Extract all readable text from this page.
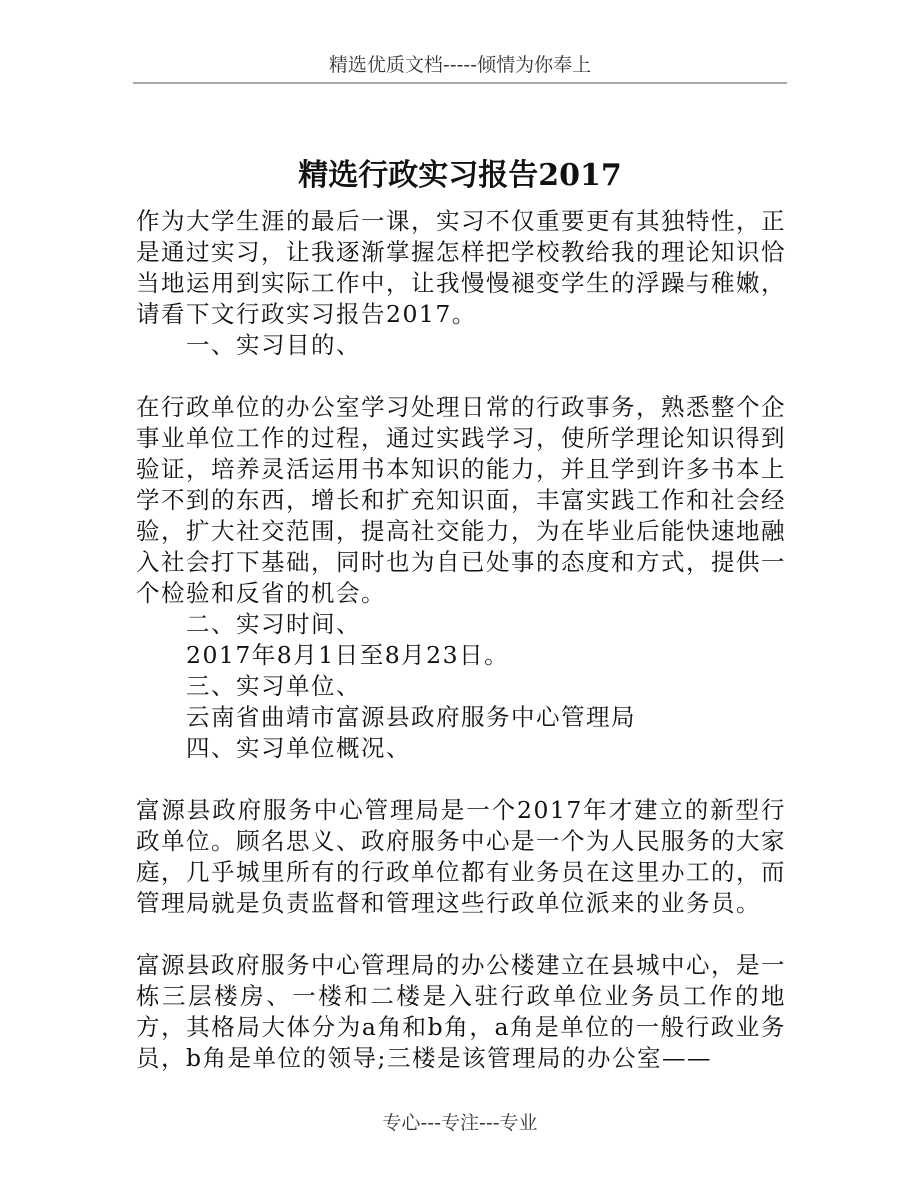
精选优质文档-----倾情为你奉上
精选行政实习报告2017

作为大学生涯的最后一课，实习不仅重要更有其独特性，正是通过实习，让我逐渐掌握怎样把学校教给我的理论知识恰当地运用到实际工作中，让我慢慢褪变学生的浮躁与稚嫩，请看下文行政实习报告2017。

一、实习目的、

在行政单位的办公室学习处理日常的行政事务，熟悉整个企事业单位工作的过程，通过实践学习，使所学理论知识得到验证，培养灵活运用书本知识的能力，并且学到许多书本上学不到的东西，增长和扩充知识面，丰富实践工作和社会经验，扩大社交范围，提高社交能力，为在毕业后能快速地融入社会打下基础，同时也为自已处事的态度和方式，提供一个检验和反省的机会。

二、实习时间、

2017年8月1日至8月23日。

三、实习单位、

云南省曲靖市富源县政府服务中心管理局

四、实习单位概况、

富源县政府服务中心管理局是一个2017年才建立的新型行政单位。顾名思义、政府服务中心是一个为人民服务的大家庭，几乎城里所有的行政单位都有业务员在这里办工的，而管理局就是负责监督和管理这些行政单位派来的业务员。

富源县政府服务中心管理局的办公楼建立在县城中心，是一栋三层楼房、一楼和二楼是入驻行政单位业务员工作的地方，其格局大体分为a角和b角，a角是单位的一般行政业务员，b角是单位的领导;三楼是该管理局的办公室——

专心---专注---专业
